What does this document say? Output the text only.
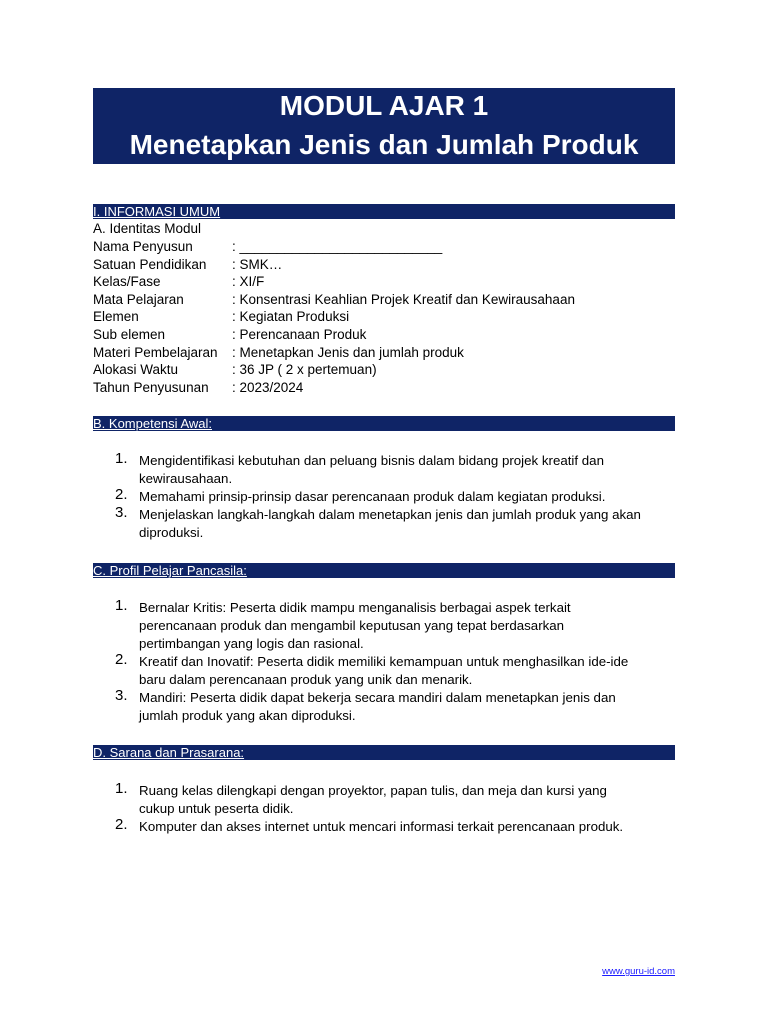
MODUL AJAR 1
Menetapkan Jenis dan Jumlah Produk
I. INFORMASI UMUM
A. Identitas Modul
Nama Penyusun	: ___________________________
Satuan Pendidikan : SMK…
Kelas/Fase	: XI/F
Mata Pelajaran	: Konsentrasi Keahlian Projek Kreatif dan Kewirausahaan
Elemen	: Kegiatan Produksi
Sub elemen	: Perencanaan Produk
Materi Pembelajaran : Menetapkan Jenis dan jumlah produk
Alokasi Waktu	: 36 JP ( 2 x pertemuan)
Tahun Penyusunan : 2023/2024
B. Kompetensi Awal:
1. Mengidentifikasi kebutuhan dan peluang bisnis dalam bidang projek kreatif dan
kewirausahaan.
2. Memahami prinsip-prinsip dasar perencanaan produk dalam kegiatan produksi.
3. Menjelaskan langkah-langkah dalam menetapkan jenis dan jumlah produk yang akan
diproduksi.
C. Profil Pelajar Pancasila:
1. Bernalar Kritis: Peserta didik mampu menganalisis berbagai aspek terkait
perencanaan produk dan mengambil keputusan yang tepat berdasarkan
pertimbangan yang logis dan rasional.
2. Kreatif dan Inovatif: Peserta didik memiliki kemampuan untuk menghasilkan ide-ide
baru dalam perencanaan produk yang unik dan menarik.
3. Mandiri: Peserta didik dapat bekerja secara mandiri dalam menetapkan jenis dan
jumlah produk yang akan diproduksi.
D. Sarana dan Prasarana:
1. Ruang kelas dilengkapi dengan proyektor, papan tulis, dan meja dan kursi yang
cukup untuk peserta didik.
2. Komputer dan akses internet untuk mencari informasi terkait perencanaan produk.
www.guru-id.com
